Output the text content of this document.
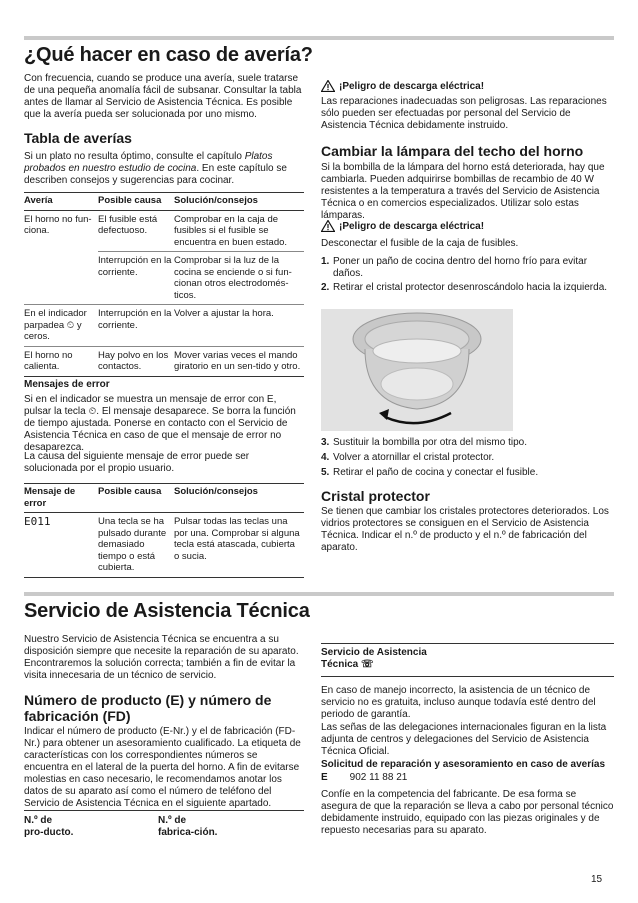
¿Qué hacer en caso de avería?

Con frecuencia, cuando se produce una avería, suele tratarse de una pequeña anomalía fácil de subsanar. Consultar la tabla antes de llamar al Servicio de Asistencia Técnica. Es posible que la avería pueda ser solucionada por uno mismo.

Tabla de averías

Si un plato no resulta óptimo, consulte el capítulo Platos probados en nuestro estudio de cocina. En este capítulo se describen consejos y sugerencias para cocinar.

Avería	Posible causa	Solución/consejos
El horno no fun-ciona.	El fusible está defectuoso.	Comprobar en la caja de fusibles si el fusible se encuentra en buen estado.
	Interrupción en la corriente.	Comprobar si la luz de la cocina se enciende o si fun-cionan otros electrodomés-ticos.
En el indicador parpadea ⏲ y ceros.	Interrupción en la corriente.	Volver a ajustar la hora.
El horno no calienta.	Hay polvo en los contactos.	Mover varias veces el mando giratorio en un sen-tido y otro.
Mensajes de error

Si en el indicador se muestra un mensaje de error con E, pulsar la tecla ⏲. El mensaje desaparece. Se borra la función de tiempo ajustada. Ponerse en contacto con el Servicio de Asistencia Técnica en caso de que el mensaje de error no desaparezca.

La causa del siguiente mensaje de error puede ser solucionada por el propio usuario.

Mensaje de error	Posible causa	Solución/consejos
E011	Una tecla se ha pulsado durante demasiado tiempo o está cubierta.	Pulsar todas las teclas una por una. Comprobar si alguna tecla está atascada, cubierta o sucia.
¡Peligro de descarga eléctrica!

Las reparaciones inadecuadas son peligrosas. Las reparaciones sólo pueden ser efectuadas por personal del Servicio de Asistencia Técnica debidamente instruido.

Cambiar la lámpara del techo del horno

Si la bombilla de la lámpara del horno está deteriorada, hay que cambiarla. Pueden adquirirse bombillas de recambio de 40 W resistentes a la temperatura a través del Servicio de Asistencia Técnica o en comercios especializados. Utilizar solo estas lámparas.

¡Peligro de descarga eléctrica!

Desconectar el fusible de la caja de fusibles.

1. Poner un paño de cocina dentro del horno frío para evitar daños.
2. Retirar el cristal protector desenroscándolo hacia la izquierda.
3. Sustituir la bombilla por otra del mismo tipo.
4. Volver a atornillar el cristal protector.
5. Retirar el paño de cocina y conectar el fusible.
Cristal protector

Se tienen que cambiar los cristales protectores deteriorados. Los vidrios protectores se consiguen en el Servicio de Asistencia Técnica. Indicar el n.º de producto y el n.º de fabricación del aparato.

Servicio de Asistencia Técnica

Nuestro Servicio de Asistencia Técnica se encuentra a su disposición siempre que necesite la reparación de su aparato. Encontraremos la solución correcta; también a fin de evitar la visita innecesaria de un técnico de servicio.

Número de producto (E) y número de fabricación (FD)

Indicar el número de producto (E-Nr.) y el de fabricación (FD-Nr.) para obtener un asesoramiento cualificado. La etiqueta de características con los correspondientes números se encuentra en el lateral de la puerta del horno. A fin de evitarse molestias en caso necesario, le recomendamos anotar los datos de su aparato así como el número de teléfono del Servicio de Asistencia Técnica en el siguiente apartado.

N.º de pro-ducto.
N.º de fabrica-ción.
Servicio de Asistencia Técnica ☏

En caso de manejo incorrecto, la asistencia de un técnico de servicio no es gratuita, incluso aunque todavía esté dentro del periodo de garantía.

Las señas de las delegaciones internacionales figuran en la lista adjunta de centros y delegaciones del Servicio de Asistencia Técnica Oficial.

Solicitud de reparación y asesoramiento en caso de averías

E 902 11 88 21

Confíe en la competencia del fabricante. De esa forma se asegura de que la reparación se lleva a cabo por personal técnico debidamente instruido, equipado con las piezas originales y de repuesto necesarias para su aparato.

15
